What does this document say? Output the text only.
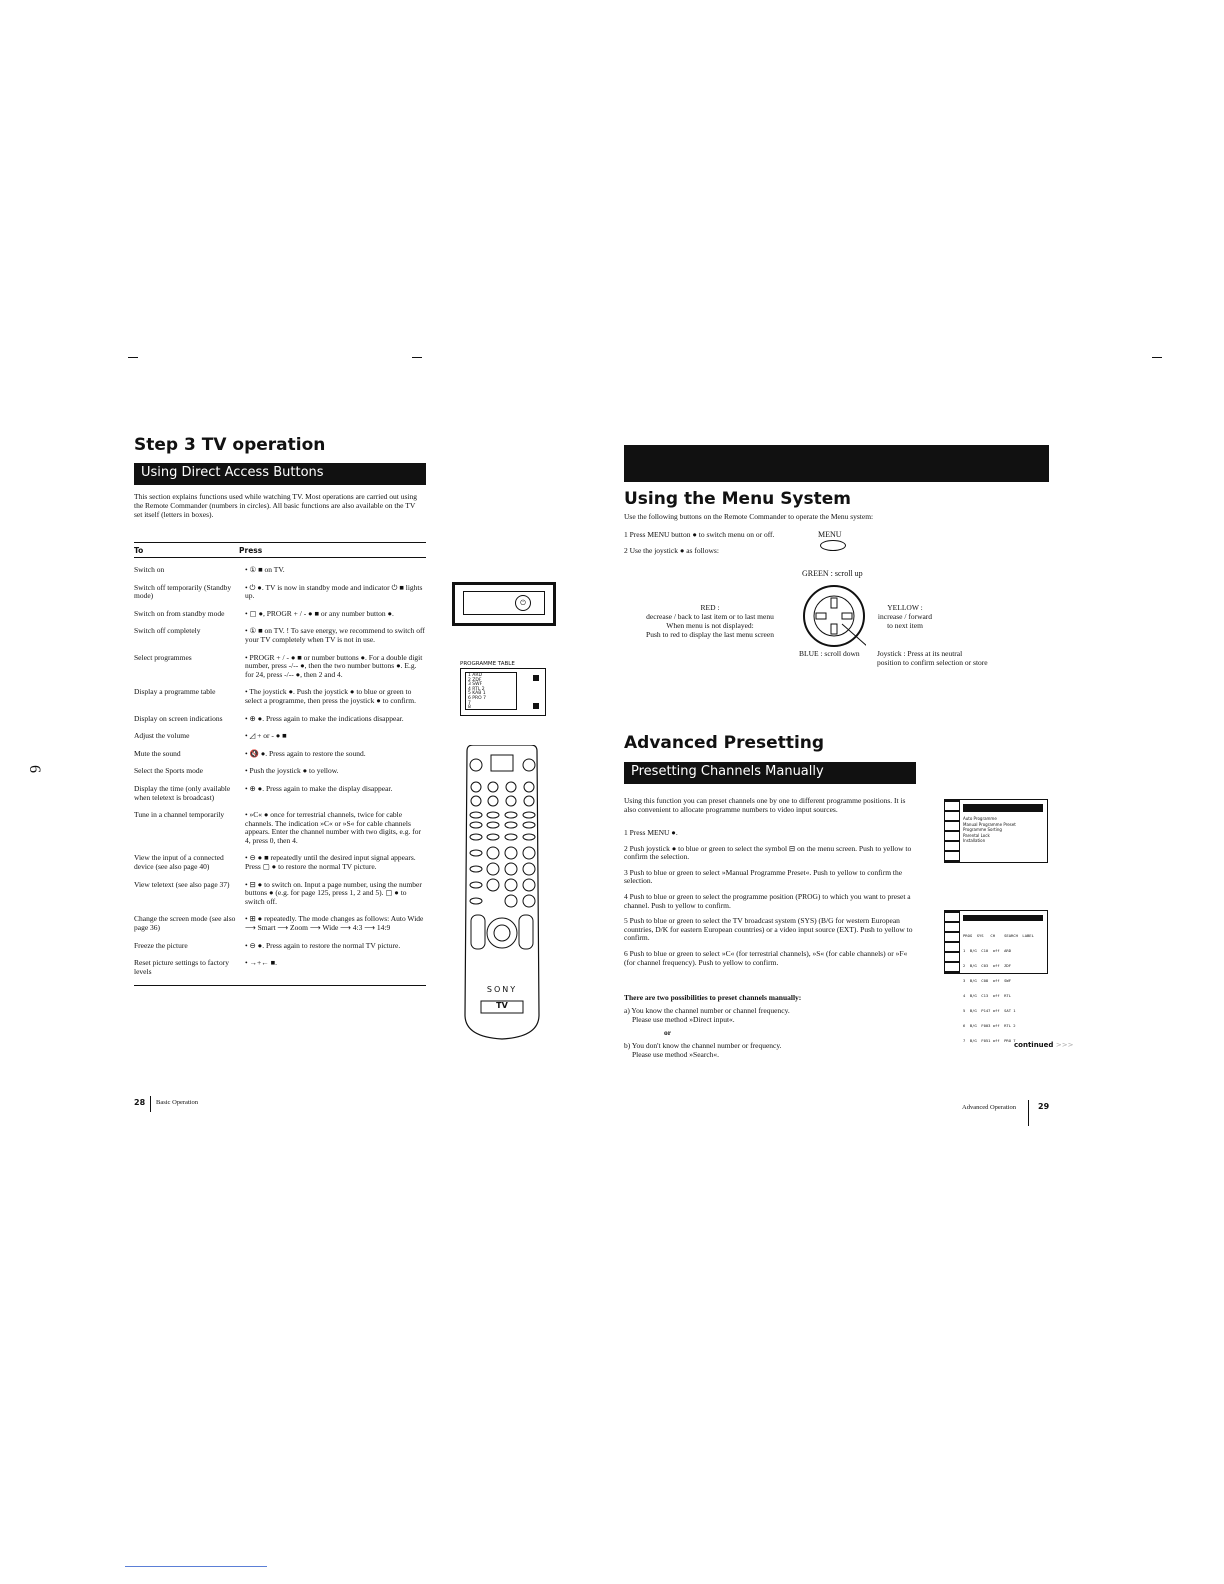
6
Step 3 TV operation
Using Direct Access Buttons
This section explains functions used while watching TV. Most operations are carried out using the Remote Commander (numbers in circles). All basic functions are also available on the TV set itself (letters in boxes).
To	Press
Switch on	• ① ■ on TV.
Switch off temporarily (Standby mode)	• ⏻ ●. TV is now in standby mode and indicator ⏻ ■ lights up.
Switch on from standby mode	• ▢ ●, PROGR + / - ● ■ or any number button ●.
Switch off completely	• ① ■ on TV. ! To save energy, we recommend to switch off your TV completely when TV is not in use.
Select programmes	• PROGR + / - ● ■ or number buttons ●. For a double digit number, press -/-- ●, then the two number buttons ●. E.g. for 24, press -/-- ●, then 2 and 4.
Display a programme table	• The joystick ●. Push the joystick ● to blue or green to select a programme, then press the joystick ● to confirm.
Display on screen indications	• ⊕ ●. Press again to make the indications disappear.
Adjust the volume	• ◿ + or - ● ■
Mute the sound	• 🔇 ●. Press again to restore the sound.
Select the Sports mode	• Push the joystick ● to yellow.
Display the time (only available when teletext is broadcast)	• ⊕ ●. Press again to make the display disappear.
Tune in a channel temporarily	• »C« ● once for terrestrial channels, twice for cable channels. The indication »C« or »S« for cable channels appears. Enter the channel number with two digits, e.g. for 4, press 0, then 4.
View the input of a connected device (see also page 40)	• ⊖ ● ■ repeatedly until the desired input signal appears. Press ▢ ● to restore the normal TV picture.
View teletext (see also page 37)	• ⊟ ● to switch on. Input a page number, using the number buttons ● (e.g. for page 125, press 1, 2 and 5). ▢ ● to switch off.
Change the screen mode (see also page 36)	• ⊞ ● repeatedly. The mode changes as follows: Auto Wide ⟶ Smart ⟶ Zoom ⟶ Wide ⟶ 4:3 ⟶ 14:9
Freeze the picture	• ⊖ ●. Press again to restore the normal TV picture.
Reset picture settings to factory levels	• →+← ■.
⏻
PROGRAMME TABLE
1 ARD
2 ZDF
3 SWF
4 RTL 2
5 KAB 1
6 PRO 7
7
8
SONY
TV
28 Basic Operation
Using the Menu System
Use the following buttons on the Remote Commander to operate the Menu system:
1 Press MENU button ● to switch menu on or off.
2 Use the joystick ● as follows:
MENU
GREEN : scroll up
RED :
decrease / back to last item or to last menu
When menu is not displayed:
Push to red to display the last menu screen
YELLOW :
increase / forward
to next item
BLUE : scroll down Joystick : Press at its neutral
position to confirm selection or store
Advanced Presetting
Presetting Channels Manually
Using this function you can preset channels one by one to different programme positions. It is also convenient to allocate programme numbers to video input sources.
1 Press MENU ●.
2 Push joystick ● to blue or green to select the symbol ⊟ on the menu screen. Push to yellow to confirm the selection.
3 Push to blue or green to select »Manual Programme Preset«. Push to yellow to confirm the selection.
4 Push to blue or green to select the programme position (PROG) to which you want to preset a channel. Push to yellow to confirm.
5 Push to blue or green to select the TV broadcast system (SYS) (B/G for western European countries, D/K for eastern European countries) or a video input source (EXT). Push to yellow to confirm.
6 Push to blue or green to select »C« (for terrestrial channels), »S« (for cable channels) or »F« (for channel frequency). Push to yellow to confirm.
There are two possibilities to preset channels manually:
a) You know the channel number or channel frequency.
Please use method »Direct input«.
or
b) You don't know the channel number or frequency.
Please use method »Search«.
continued >>>
Auto Programme
Manual Programme Preset
Programme Sorting
Parental Lock
Installation

PROG  SYS   CH    SEARCH  LABEL

1  B/G  C10  off  ARD

2  B/G  C03  off  ZDF

3  B/G  C08  off  SWF

4  B/G  C13  off  RTL

5  B/G  P147 off  SAT 1

6  B/G  F003 off  RTL 2

7  B/G  F051 off  PRO 7

Advanced Operation	29
